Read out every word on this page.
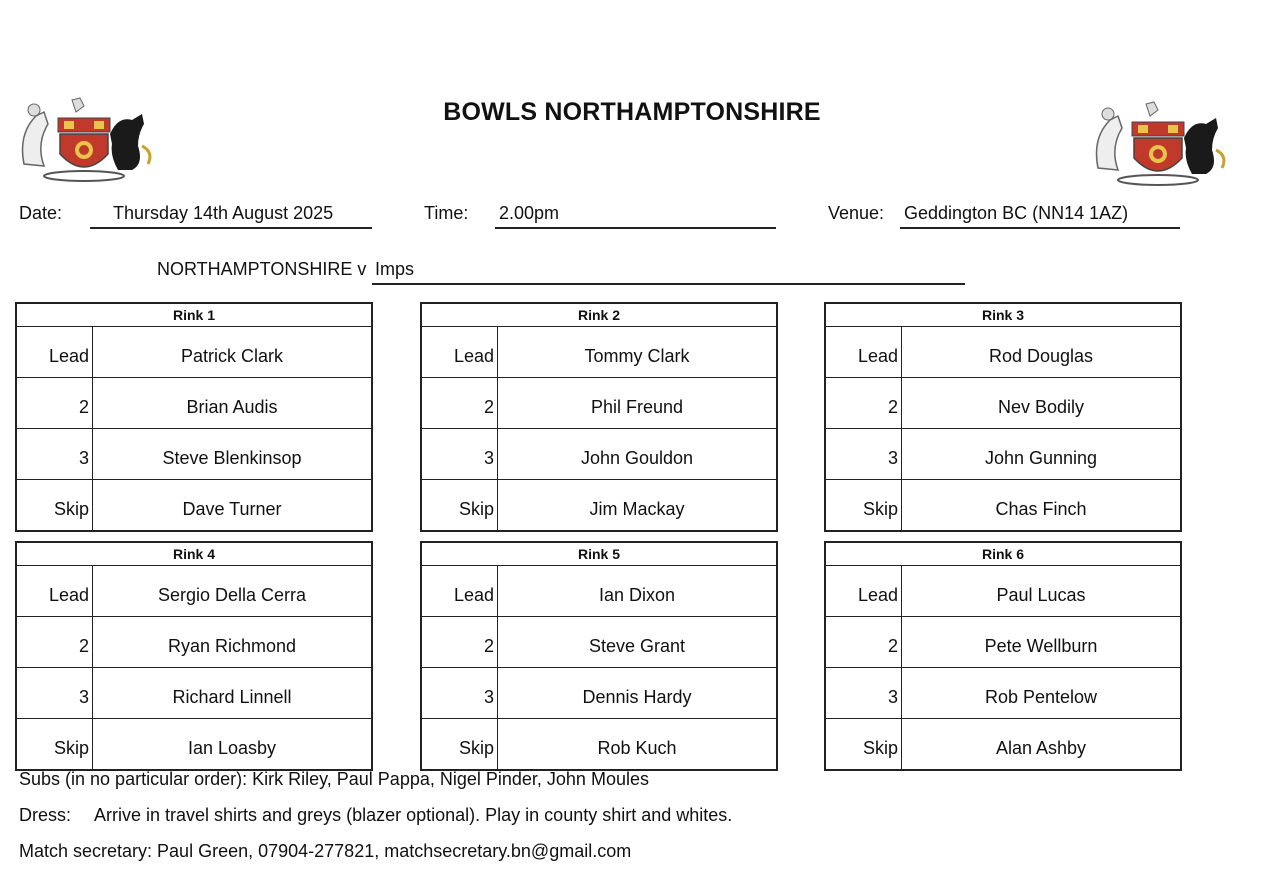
BOWLS NORTHAMPTONSHIRE
Date:	Thursday 14th August 2025	Time: 2.00pm	Venue: Geddington BC (NN14 1AZ)
NORTHAMPTONSHIRE v Imps
Rink 1	
Lead	Patrick Clark
2	Brian Audis
3	Steve Blenkinsop
Skip	Dave Turner
Rink 2	
Lead	Tommy Clark
2	Phil Freund
3	John Gouldon
Skip	Jim Mackay
Rink 3	
Lead	Rod Douglas
2	Nev Bodily
3	John Gunning
Skip	Chas Finch
Rink 4	
Lead	Sergio Della Cerra
2	Ryan Richmond
3	Richard Linnell
Skip	Ian Loasby
Rink 5	
Lead	Ian Dixon
2	Steve Grant
3	Dennis Hardy
Skip	Rob Kuch
Rink 6	
Lead	Paul Lucas
2	Pete Wellburn
3	Rob Pentelow
Skip	Alan Ashby
Subs (in no particular order): Kirk Riley, Paul Pappa, Nigel Pinder, John Moules
Dress: Arrive in travel shirts and greys (blazer optional). Play in county shirt and whites.
Match secretary: Paul Green, 07904-277821, matchsecretary.bn@gmail.com
